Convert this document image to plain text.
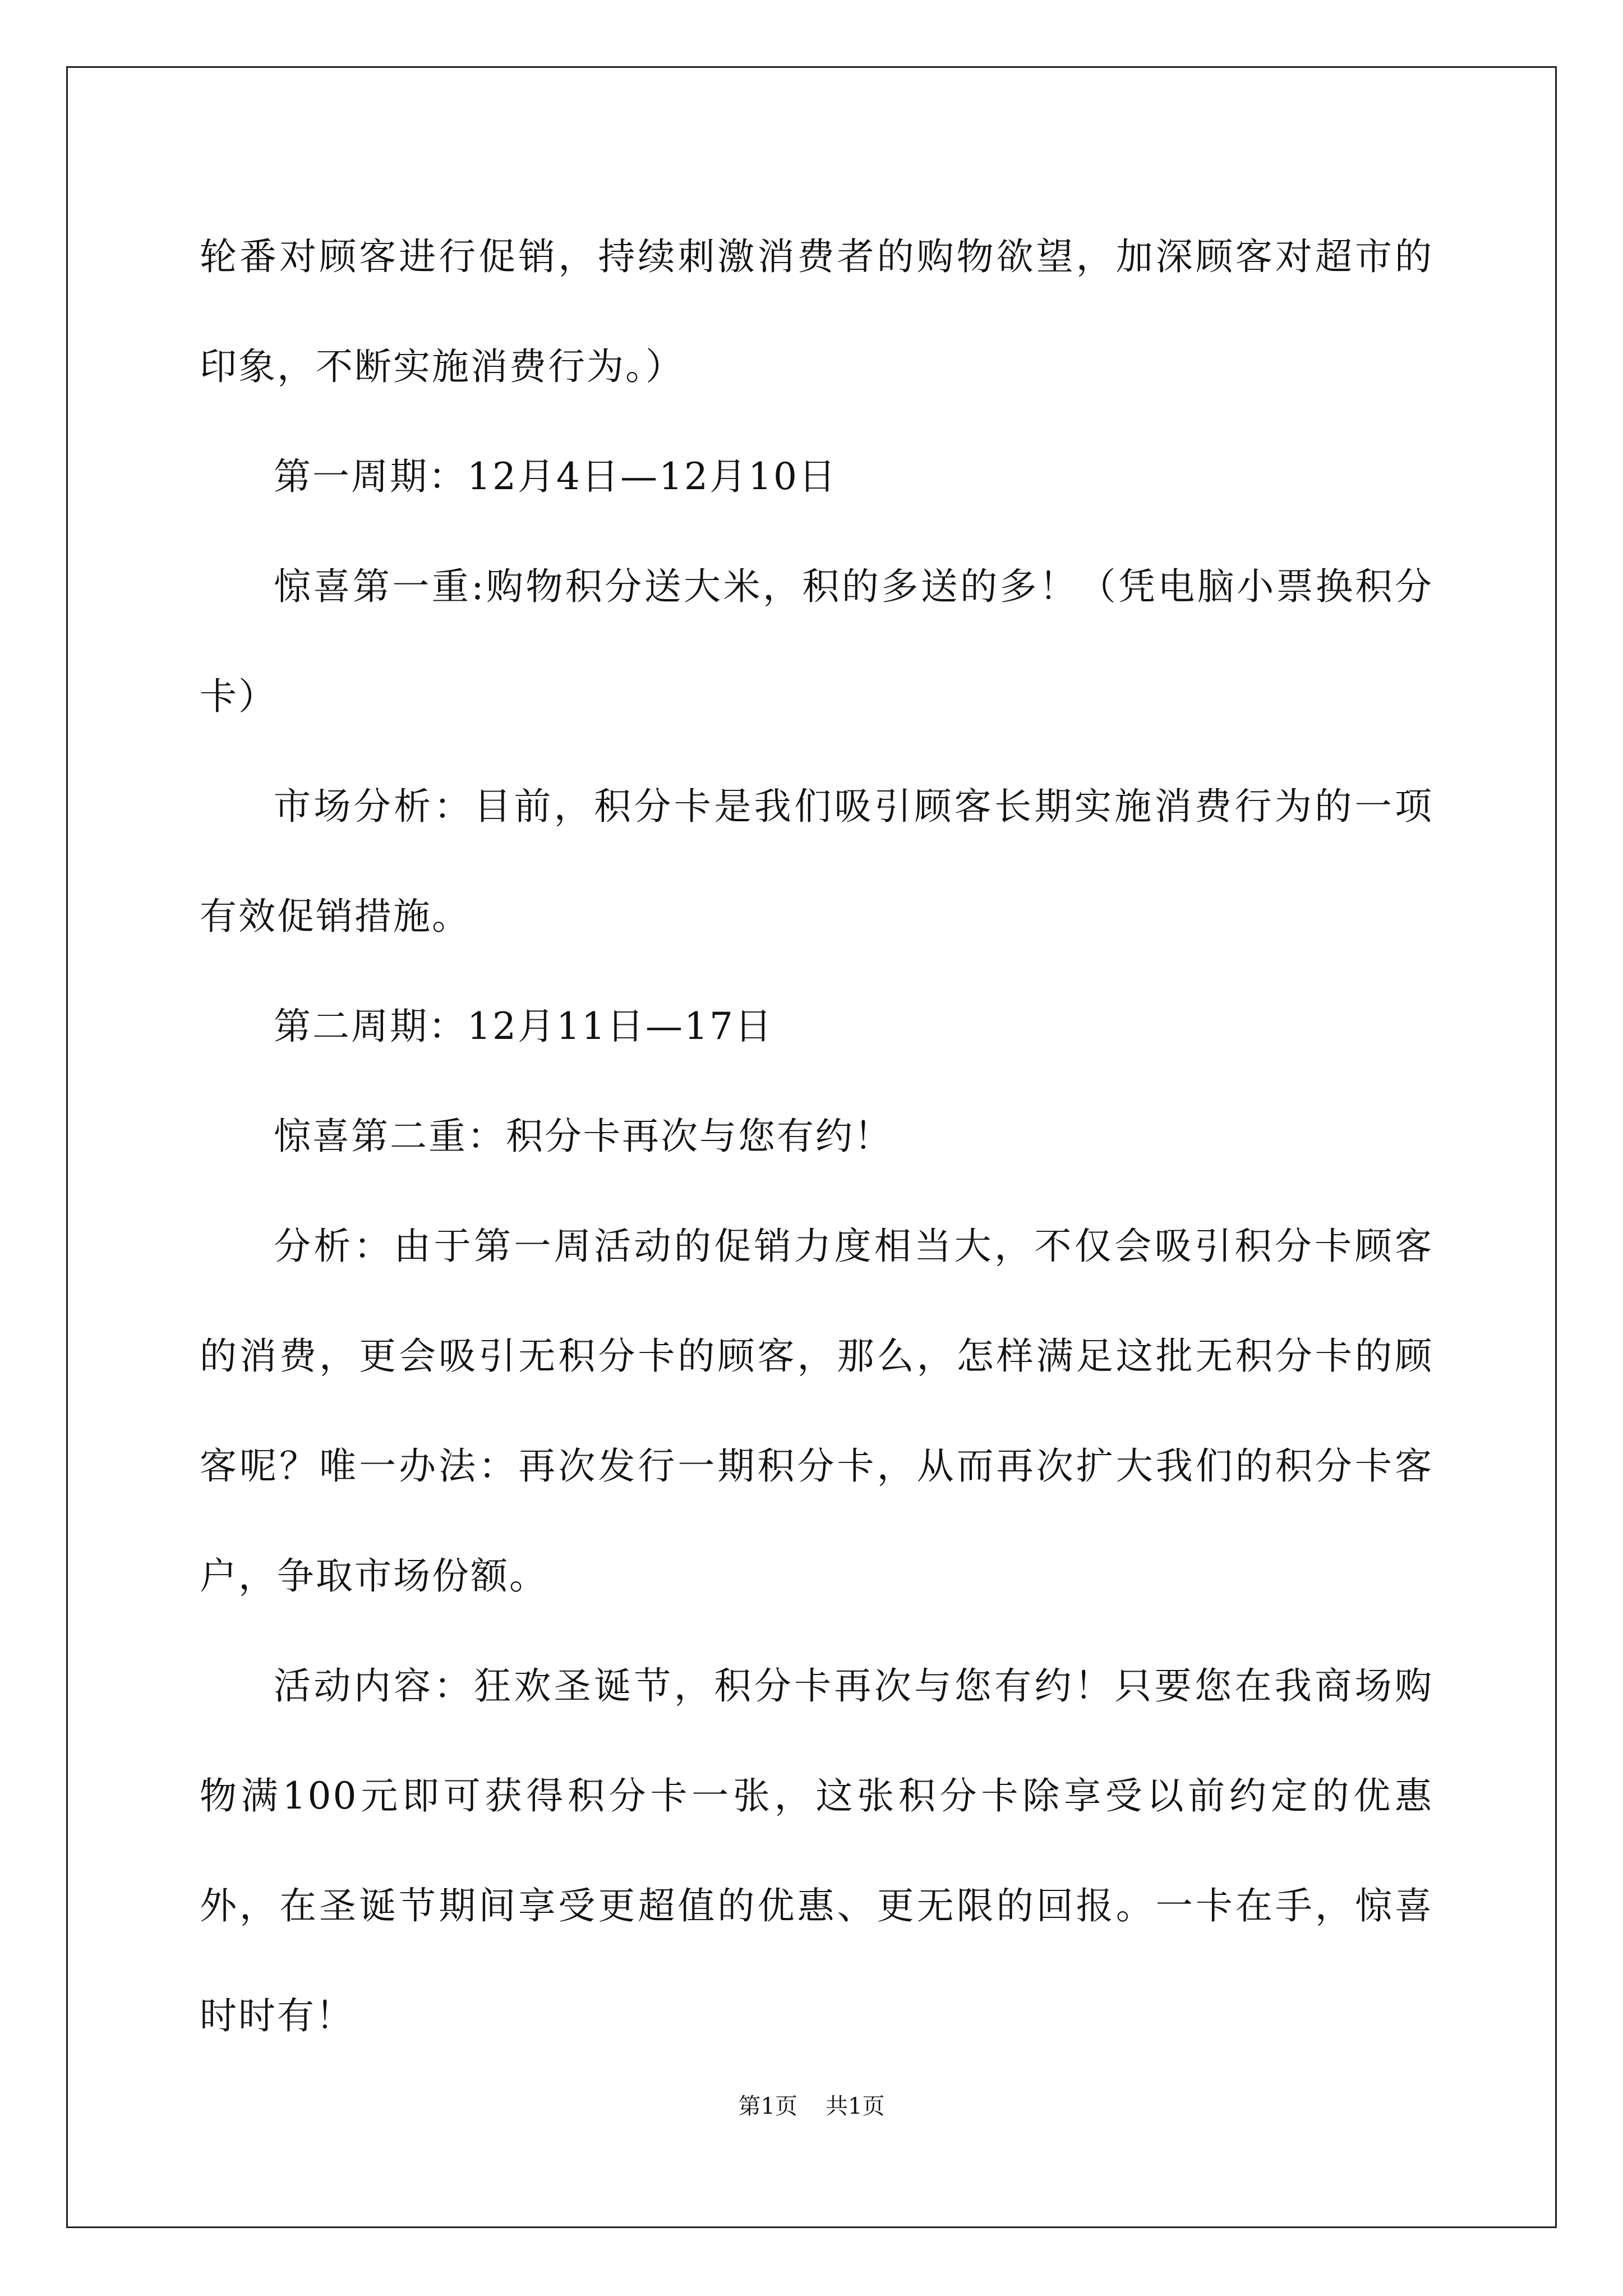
轮番对顾客进行促销，持续刺激消费者的购物欲望，加深顾客对超市的印象，不断实施消费行为。）

第一周期：12月4日—12月10日

惊喜第一重:购物积分送大米，积的多送的多！（凭电脑小票换积分卡）

市场分析：目前，积分卡是我们吸引顾客长期实施消费行为的一项有效促销措施。

第二周期：12月11日—17日

惊喜第二重：积分卡再次与您有约！

分析：由于第一周活动的促销力度相当大，不仅会吸引积分卡顾客的消费，更会吸引无积分卡的顾客，那么，怎样满足这批无积分卡的顾客呢？唯一办法：再次发行一期积分卡，从而再次扩大我们的积分卡客户，争取市场份额。

活动内容：狂欢圣诞节，积分卡再次与您有约！只要您在我商场购物满100元即可获得积分卡一张，这张积分卡除享受以前约定的优惠外，在圣诞节期间享受更超值的优惠、更无限的回报。一卡在手，惊喜时时有！

第1页 共1页
